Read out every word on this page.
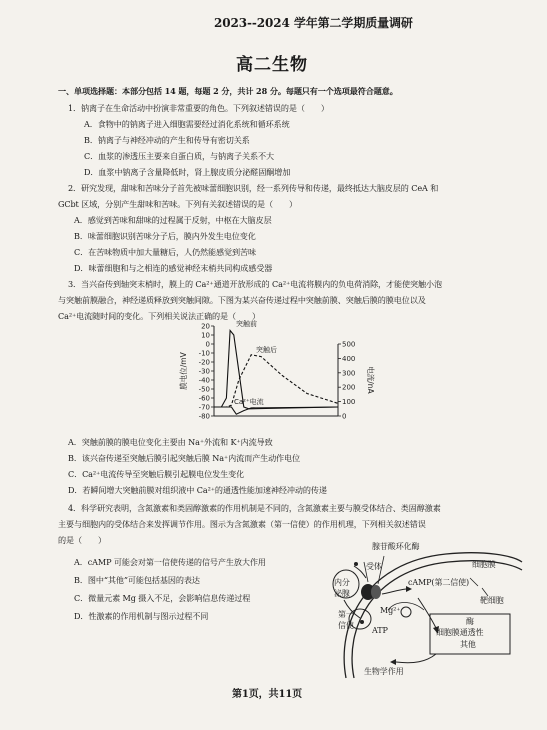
2023--2024 学年第二学期质量调研
高二生物
一、单项选择题：本部分包括 14 题，每题 2 分，共计 28 分。每题只有一个选项最符合题意。
1．钠离子在生命活动中扮演非常重要的角色。下列叙述错误的是（　　）
A．食物中的钠离子进入细胞需要经过消化系统和循环系统
B．钠离子与神经冲动的产生和传导有密切关系
C．血浆的渗透压主要来自蛋白质，与钠离子关系不大
D．血浆中钠离子含量降低时，肾上腺皮质分泌醛固酮增加
2．研究发现，甜味和苦味分子首先被味蕾细胞识别，经一系列传导和传递，最终抵达大脑皮层的 CeA 和
GCbt 区域，分别产生甜味和苦味。下列有关叙述错误的是（　　）
A．感觉到苦味和甜味的过程属于反射，中枢在大脑皮层
B．味蕾细胞识别苦味分子后，膜内外发生电位变化
C．在苦味物质中加大量糖后，人仍然能感觉到苦味
D．味蕾细胞和与之相连的感觉神经末梢共同构成感受器
3．当兴奋传到轴突末梢时，膜上的 Ca²⁺通道开放形成的 Ca²⁺电流将膜内的负电荷消除，才能使突触小泡
与突触前膜融合，神经递质释放到突触间隙。下图为某兴奋传递过程中突触前膜、突触后膜的膜电位以及
Ca²⁺电流随时间的变化。下列相关说法正确的是（　　）
20
10
0
-10
-20
-30
-40
-50
-60
-70
-80
500
400
300
200
100
0
膜电位/mV	电流/nA
突触前
突触后
Ca²⁺电流
A．突触前膜的膜电位变化主要由 Na⁺外流和 K⁺内流导致
B．该兴奋传递至突触后膜引起突触后膜 Na⁺内流而产生动作电位
C．Ca²⁺电流传导至突触后膜引起膜电位发生变化
D．若瞬间增大突触前膜对组织液中 Ca²⁺的通透性能加速神经冲动的传递
4．科学研究表明，含氮激素和类固醇激素的作用机制是不同的，含氮激素主要与膜受体结合、类固醇激素
主要与细胞内的受体结合来发挥调节作用。图示为含氮激素（第一信使）的作用机理，下列相关叙述错误
的是（　　）
A．cAMP 可能会对第一信使传递的信号产生放大作用
B．图中“其他”可能包括基因的表达
C．微量元素 Mg 摄入不足，会影响信息传递过程
D．性激素的作用机制与图示过程不同
腺苷酸环化酶
细胞膜
内分
泌腺
受体
cAMP(第二信使)
靶细胞
第一
信使
Mg²⁺
ATP
酶
细胞膜通透性
其他
生物学作用
第1页，共11页
